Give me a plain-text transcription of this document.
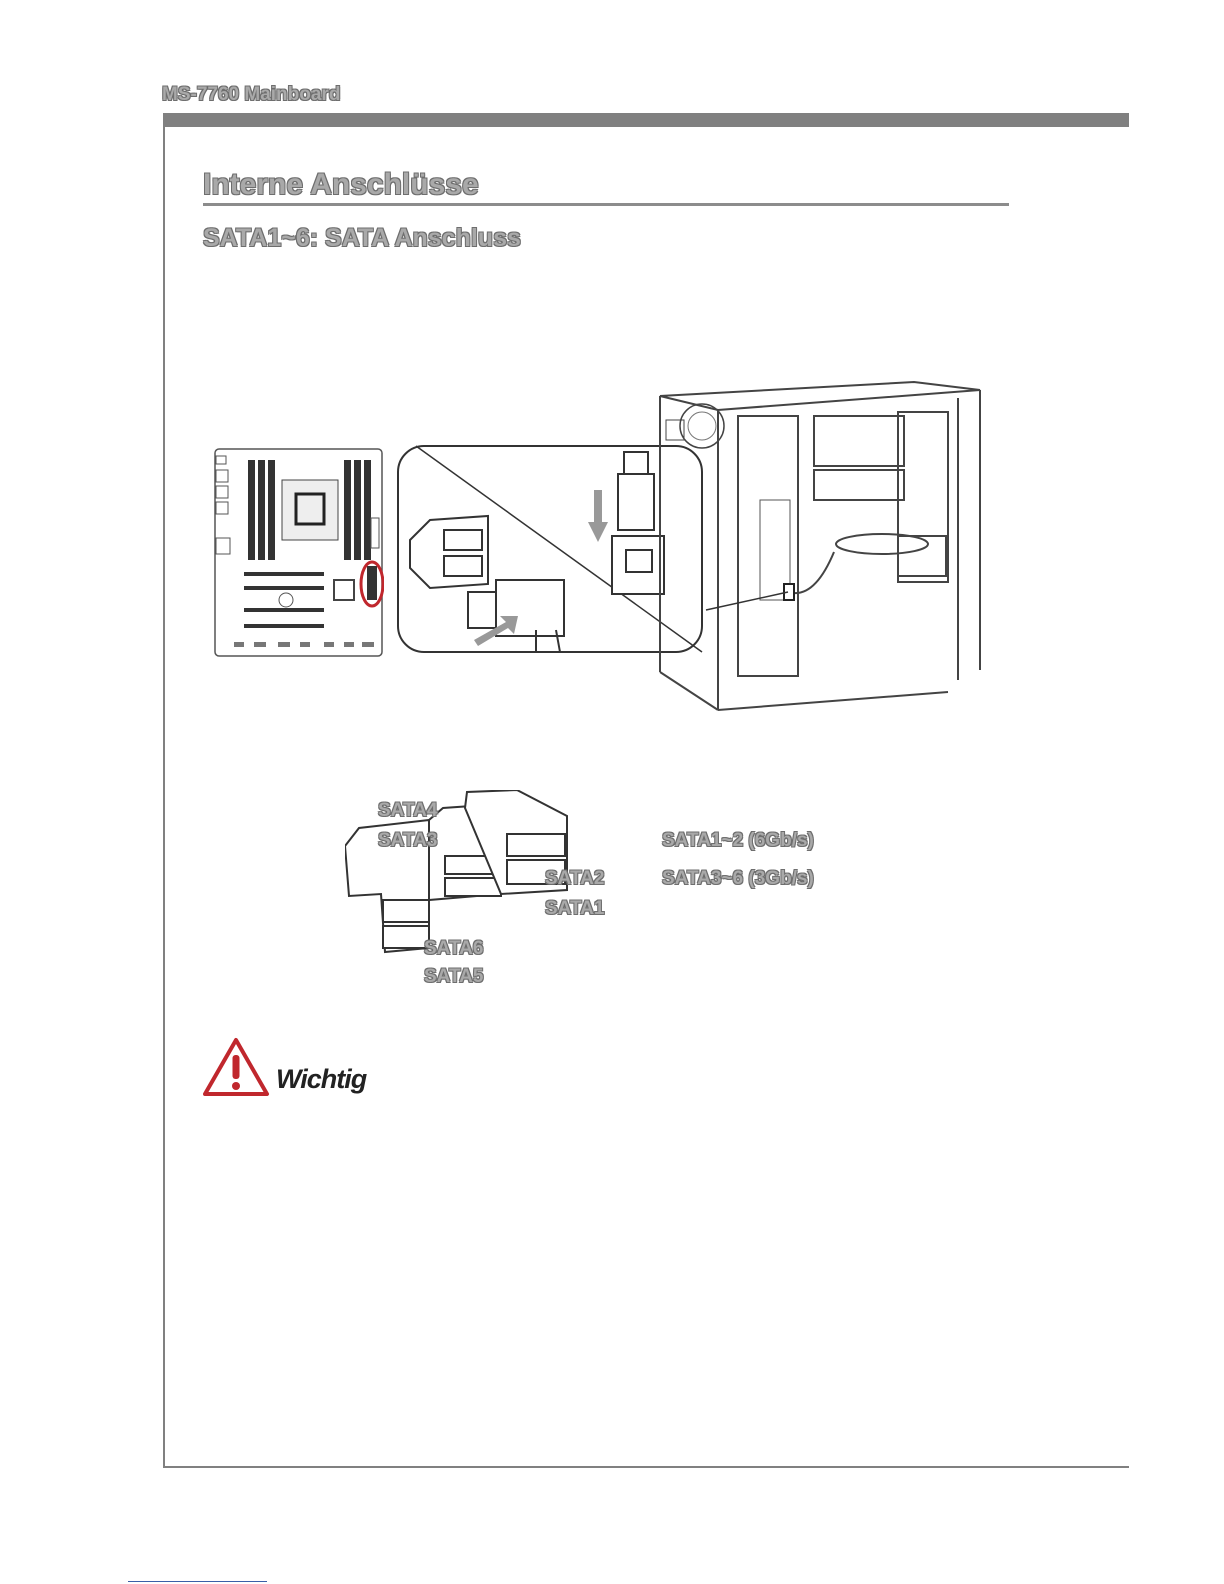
MS-7760 Mainboard
Interne Anschlüsse
SATA1~6: SATA Anschluss
SATA4
SATA3
SATA2
SATA1
SATA6
SATA5
SATA1~2 (6Gb/s)
SATA3~6 (3Gb/s)
Wichtig
